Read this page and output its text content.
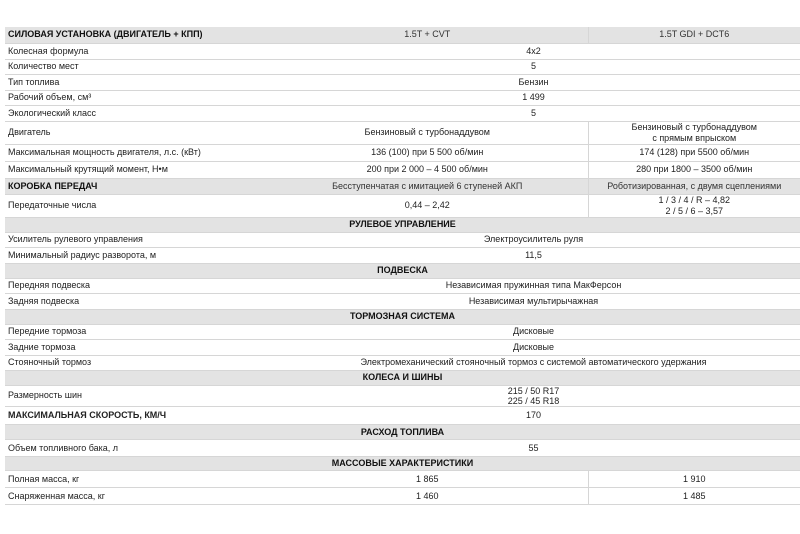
СИЛОВАЯ УСТАНОВКА (ДВИГАТЕЛЬ + КПП)	1.5T + CVT	1.5T GDI + DCT6
Колесная формула	4x2	
Количество мест	5	
Тип топлива	Бензин	
Рабочий объем, см³	1 499	
Экологический класс	5	
Двигатель	Бензиновый с турбонаддувом	Бензиновый с турбонаддувом
с прямым впрыском

Максимальная мощность двигателя, л.с. (кВт)	136 (100) при 5 500 об/мин	174 (128) при 5500 об/мин
Максимальный крутящий момент, Н•м	200 при 2 000 – 4 500 об/мин	280 при 1800 – 3500 об/мин
КОРОБКА ПЕРЕДАЧ	Бесступенчатая с имитацией 6 ступеней АКП	Роботизированная, с двумя сцеплениями
Передаточные числа	0,44 – 2,42	1 / 3 / 4 / R – 4,82
2 / 5 / 6 – 3,57

РУЛЕВОЕ УПРАВЛЕНИЕ		
Усилитель рулевого управления	Электроусилитель руля	
Минимальный радиус разворота, м	11,5	
ПОДВЕСКА		
Передняя подвеска	Независимая пружинная типа МакФерсон	
Задняя подвеска	Независимая мультирычажная	
ТОРМОЗНАЯ СИСТЕМА		
Передние тормоза	Дисковые	
Задние тормоза	Дисковые	
Стояночный тормоз	Электромеханический стояночный тормоз с системой автоматического удержания	
КОЛЕСА И ШИНЫ		
Размерность шин	215 / 50 R17
225 / 45 R18	

МАКСИМАЛЬНАЯ СКОРОСТЬ, КМ/Ч	170	
РАСХОД ТОПЛИВА		
Объем топливного бака, л	55	
МАССОВЫЕ ХАРАКТЕРИСТИКИ		
Полная масса, кг	1 865	1 910
Снаряженная масса, кг	1 460	1 485
